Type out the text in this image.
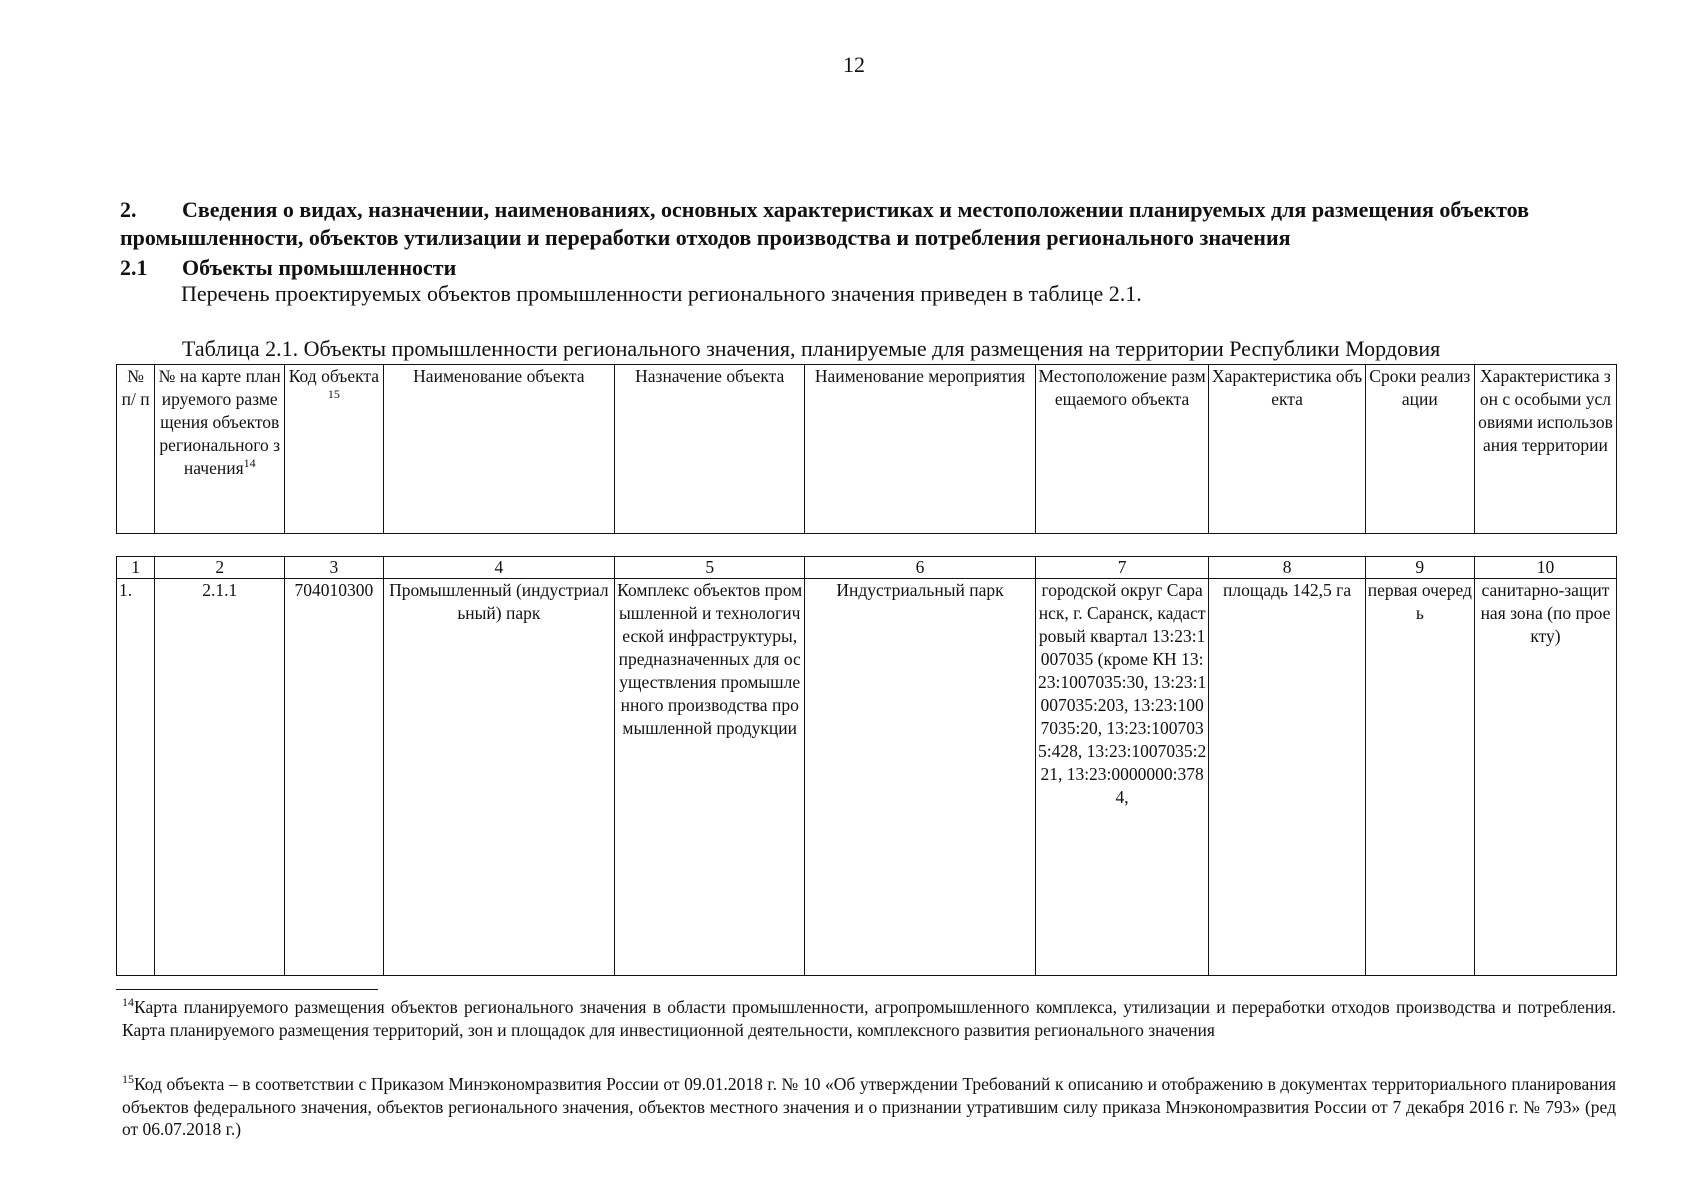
12
2. Сведения о видах, назначении, наименованиях, основных характеристиках и местоположении планируемых для размещения объектов промышленности, объектов утилизации и переработки отходов производства и потребления регионального значения
2.1 Объекты промышленности
Перечень проектируемых объектов промышленности регионального значения приведен в таблице 2.1.
Таблица 2.1. Объекты промышленности регионального значения, планируемые для размещения на территории Республики Мордовия
№ п/ п	№ на карте планируемого размещения объектов регионального значения$^{14}$	Код объекта$^{15}$	Наименование объекта	Назначение объекта	Наименование мероприятия	Местоположение размещаемого объекта	Характеристика объекта	Сроки реализации	Характеристика зон с особыми условиями использования территории
1	2	3	4	5	6	7	8	9	10
1.	2.1.1	704010300	Промышленный (индустриальный) парк	Комплекс объектов промышленной и технологической инфраструктуры, предназначенных для осуществления промышленного производства промышленной продукции	Индустриальный парк	городской округ Саранск, г. Саранск, кадастровый квартал 13:23:1007035 (кроме КН 13:23:1007035:30, 13:23:1007035:203, 13:23:1007035:20, 13:23:1007035:428, 13:23:1007035:221, 13:23:0000000:3784,	площадь 142,5 га	первая очередь	санитарно-защитная зона (по проекту)
$^{14}$Карта планируемого размещения объектов регионального значения в области промышленности, агропромышленного комплекса, утилизации и переработки отходов производства и потребления. Карта планируемого размещения территорий, зон и площадок для инвестиционной деятельности, комплексного развития регионального значения
$^{15}$Код объекта – в соответствии с Приказом Минэкономразвития России от 09.01.2018 г. № 10 «Об утверждении Требований к описанию и отображению в документах территориального планирования объектов федерального значения, объектов регионального значения, объектов местного значения и о признании утратившим силу приказа Мнэкономразвития России от 7 декабря 2016 г. № 793» (ред от 06.07.2018 г.)
